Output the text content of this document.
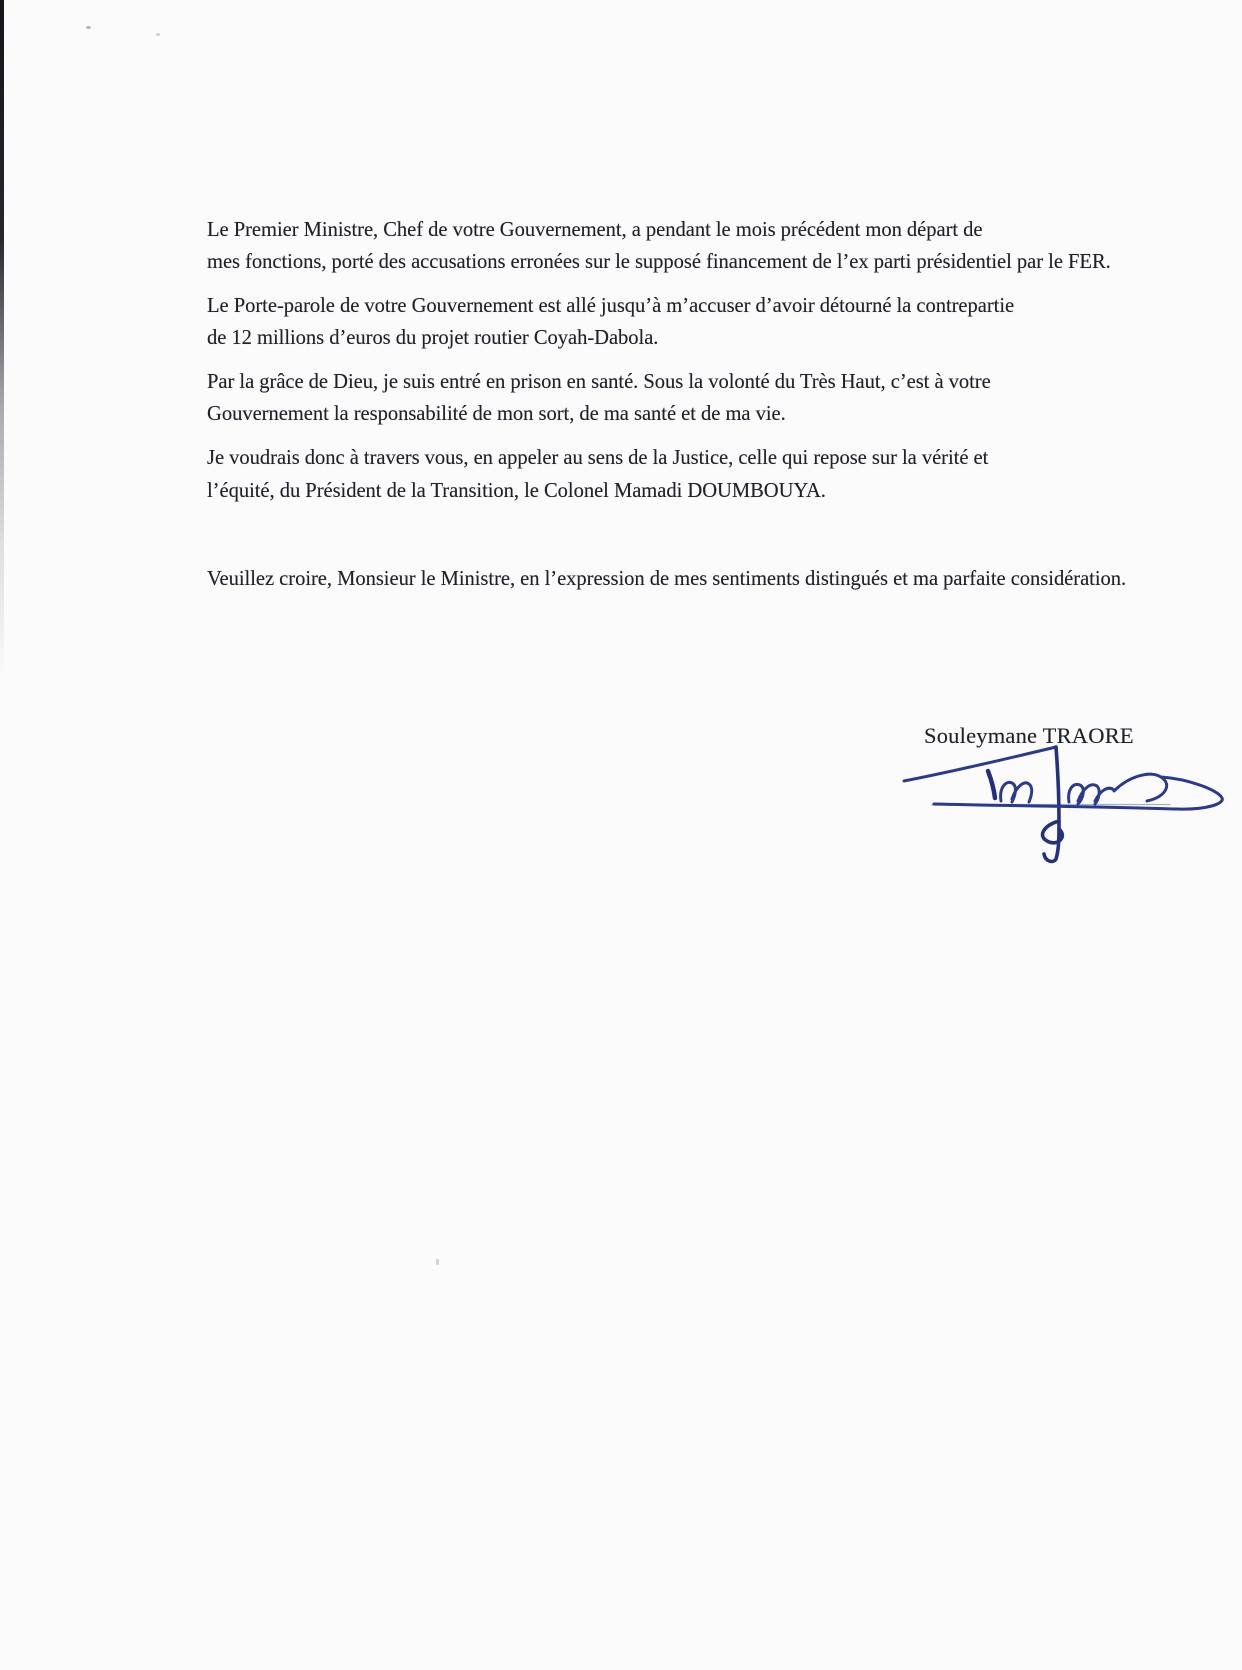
Le Premier Ministre, Chef de votre Gouvernement, a pendant le mois précédent mon départ de mes fonctions, porté des accusations erronées sur le supposé financement de l’ex parti présidentiel par le FER.

Le Porte-parole de votre Gouvernement est allé jusqu’à m’accuser d’avoir détourné la contrepartie de 12 millions d’euros du projet routier Coyah-Dabola.

Par la grâce de Dieu, je suis entré en prison en santé. Sous la volonté du Très Haut, c’est à votre Gouvernement la responsabilité de mon sort, de ma santé et de ma vie.

Je voudrais donc à travers vous, en appeler au sens de la Justice, celle qui repose sur la vérité et l’équité, du Président de la Transition, le Colonel Mamadi DOUMBOUYA.

Veuillez croire, Monsieur le Ministre, en l’expression de mes sentiments distingués et ma parfaite considération.

Souleymane TRAORE
